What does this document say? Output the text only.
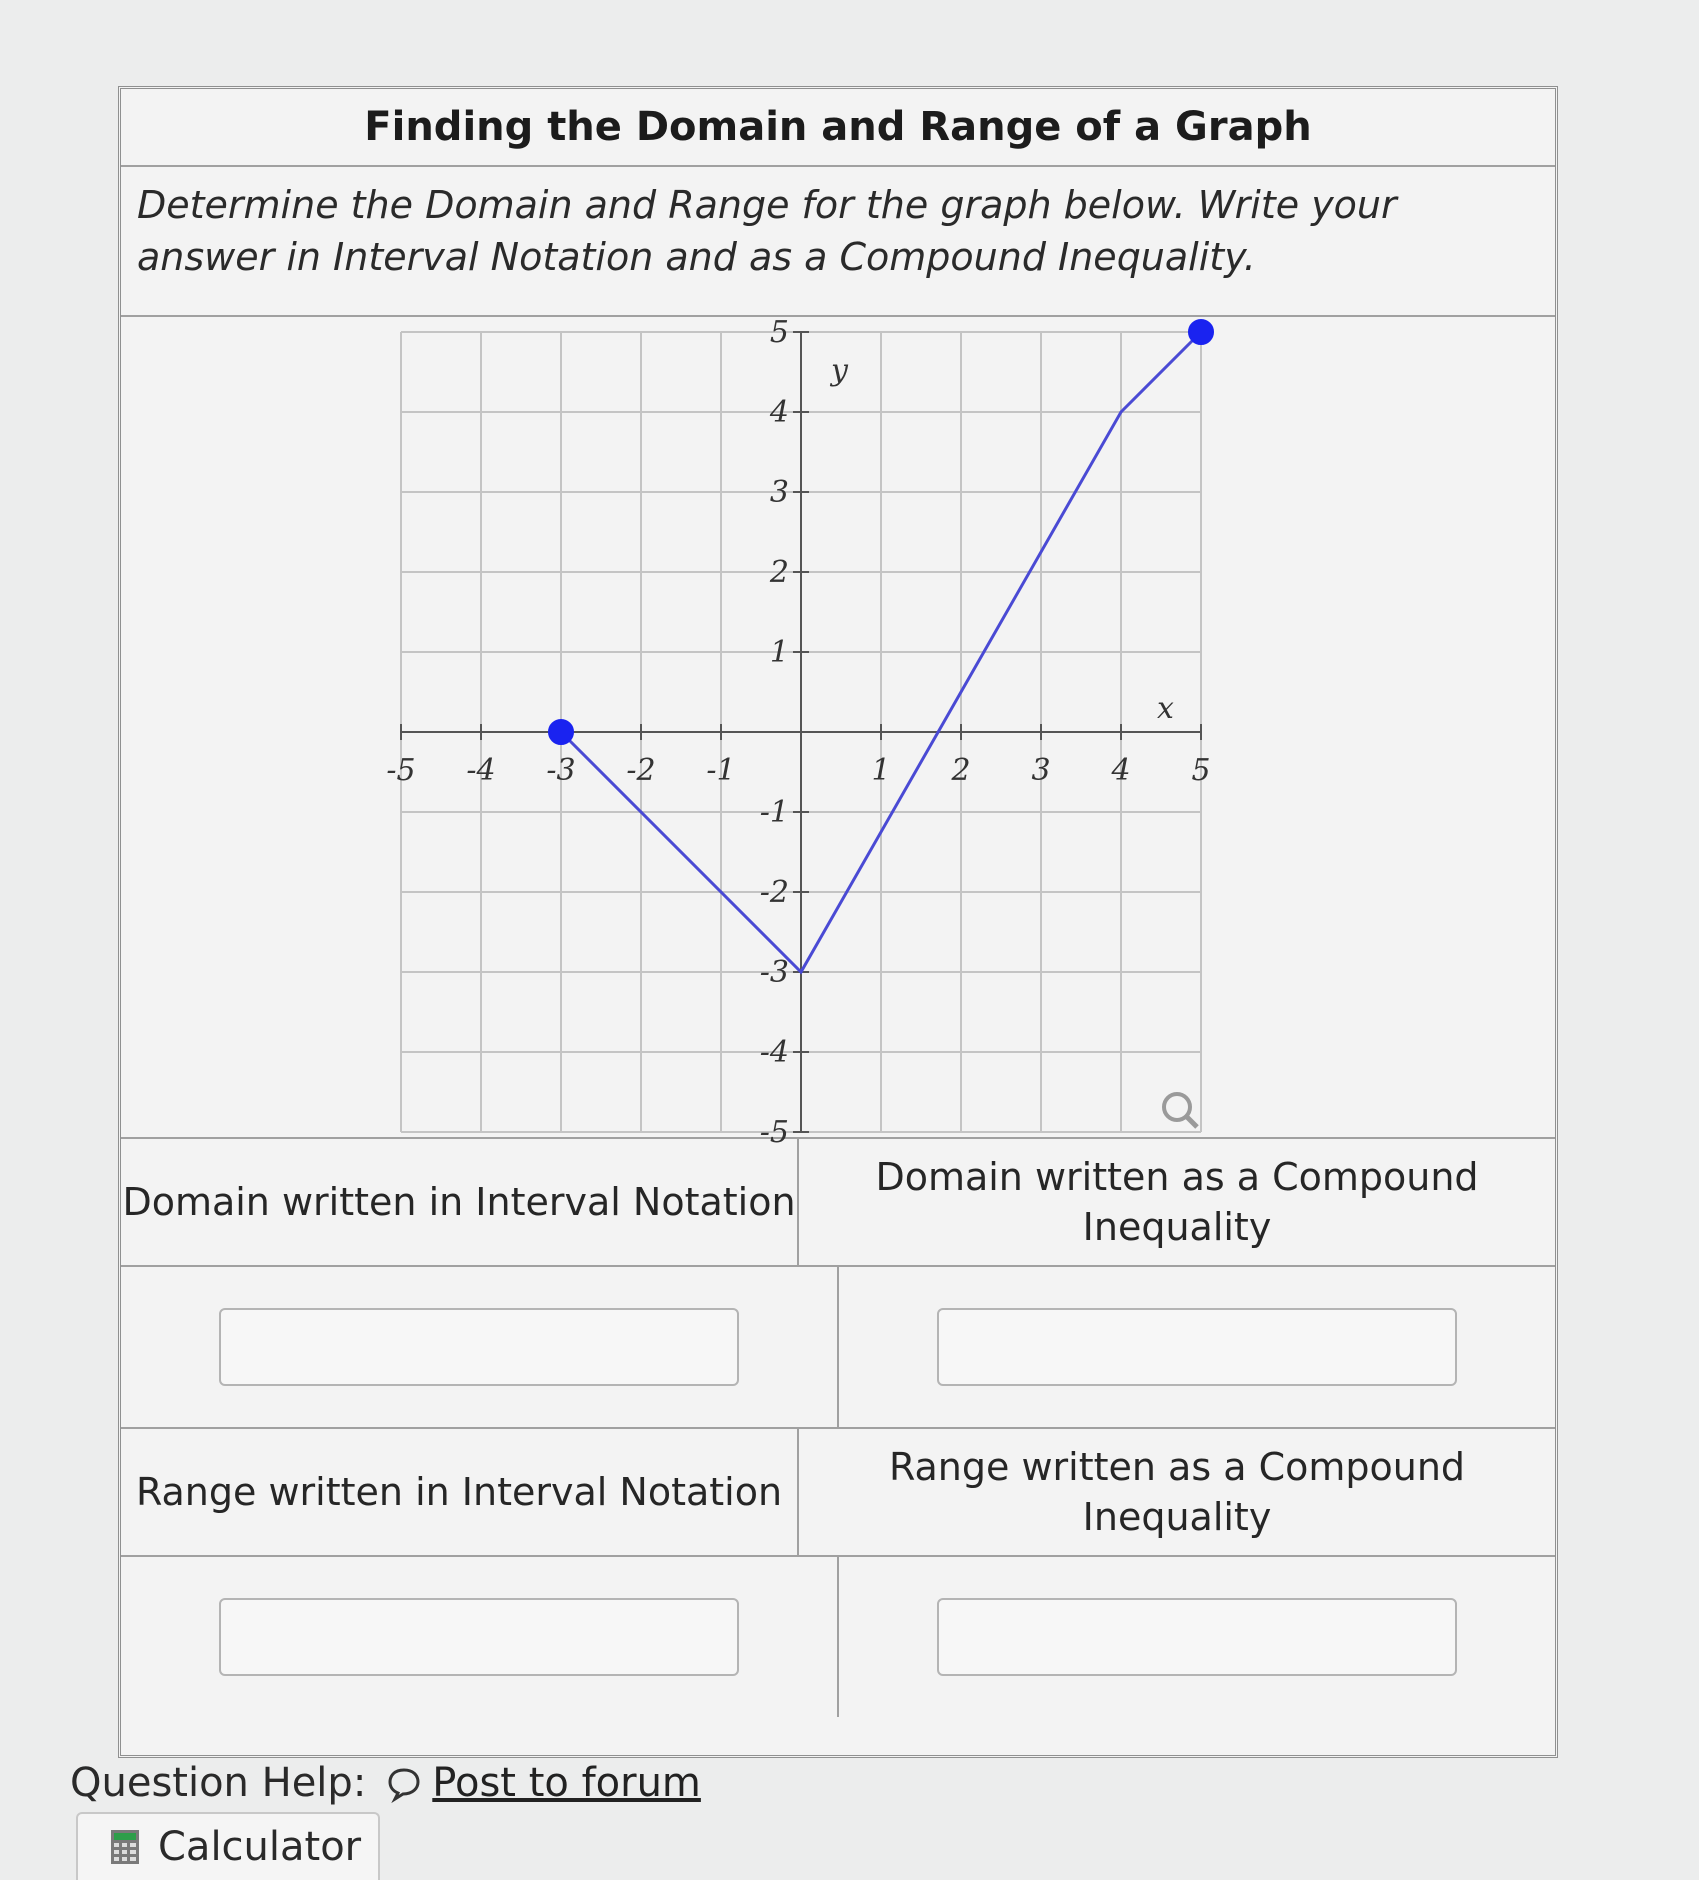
Finding the Domain and Range of a Graph
Determine the Domain and Range for the graph below. Write your answer in Interval Notation and as a Compound Inequality.
-5 -4 -3 -2 -1	1 2 3 4 5
5
4
3
2
1
-1
-2
-3
-4
-5
x
y
Domain written in Interval Notation
Domain written as a Compound Inequality
Range written in Interval Notation
Range written as a Compound Inequality
Question Help: Post to forum
Calculator
